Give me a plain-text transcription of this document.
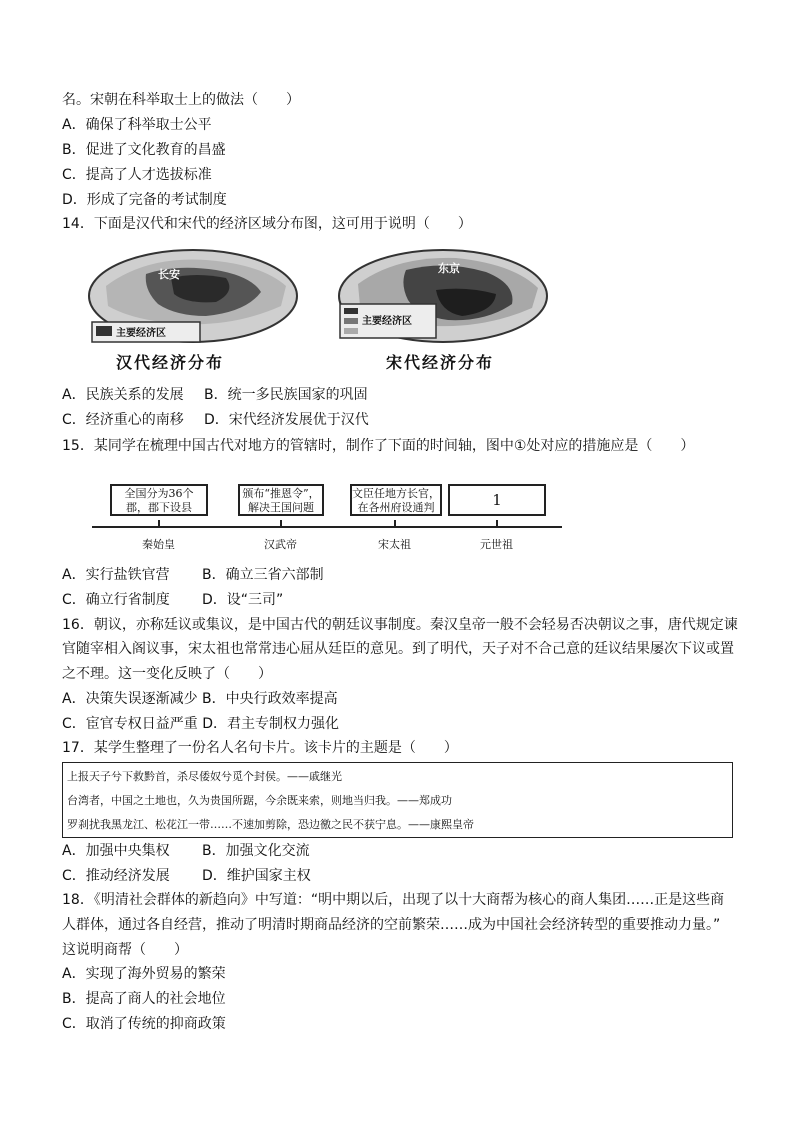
名。宋朝在科举取士上的做法（　　）
A．确保了科举取士公平
B．促进了文化教育的昌盛
C．提高了人才选拔标准
D．形成了完备的考试制度
14．下面是汉代和宋代的经济区域分布图，这可用于说明（　　）
长安
主要经济区
汉代经济分布
东京
主要经济区
宋代经济分布
A．民族关系的发展 B．统一多民族国家的巩固
C．经济重心的南移 D．宋代经济发展优于汉代
15．某同学在梳理中国古代对地方的管辖时，制作了下面的时间轴，图中①处对应的措施应是（　　）
全国分为36个
郡，郡下设县
颁布“推恩令”，
解决王国问题
文臣任地方长官，
在各州府设通判	1
秦始皇	汉武帝	宋太祖	元世祖
A．实行盐铁官营 B．确立三省六部制
C．确立行省制度 D．设“三司”
16．朝议，亦称廷议或集议，是中国古代的朝廷议事制度。秦汉皇帝一般不会轻易否决朝议之事，唐代规定谏
官随宰相入阁议事，宋太祖也常常违心屈从廷臣的意见。到了明代，天子对不合己意的廷议结果屡次下议或置
之不理。这一变化反映了（　　）
A．决策失误逐渐减少 B．中央行政效率提高
C．宦官专权日益严重 D．君主专制权力强化
17．某学生整理了一份名人名句卡片。该卡片的主题是（　　）
上报天子兮下救黔首，杀尽倭奴兮觅个封侯。——戚继光
台湾者，中国之土地也，久为贵国所踞，今余既来索，则地当归我。——郑成功
罗刹扰我黑龙江、松花江一带……不速加剪除，恐边徼之民不获宁息。——康熙皇帝
A．加强中央集权 B．加强文化交流
C．推动经济发展 D．维护国家主权
18．《明清社会群体的新趋向》中写道：“明中期以后，出现了以十大商帮为核心的商人集团……正是这些商
人群体，通过各自经营，推动了明清时期商品经济的空前繁荣……成为中国社会经济转型的重要推动力量。”
这说明商帮（　　）
A．实现了海外贸易的繁荣
B．提高了商人的社会地位
C．取消了传统的抑商政策
